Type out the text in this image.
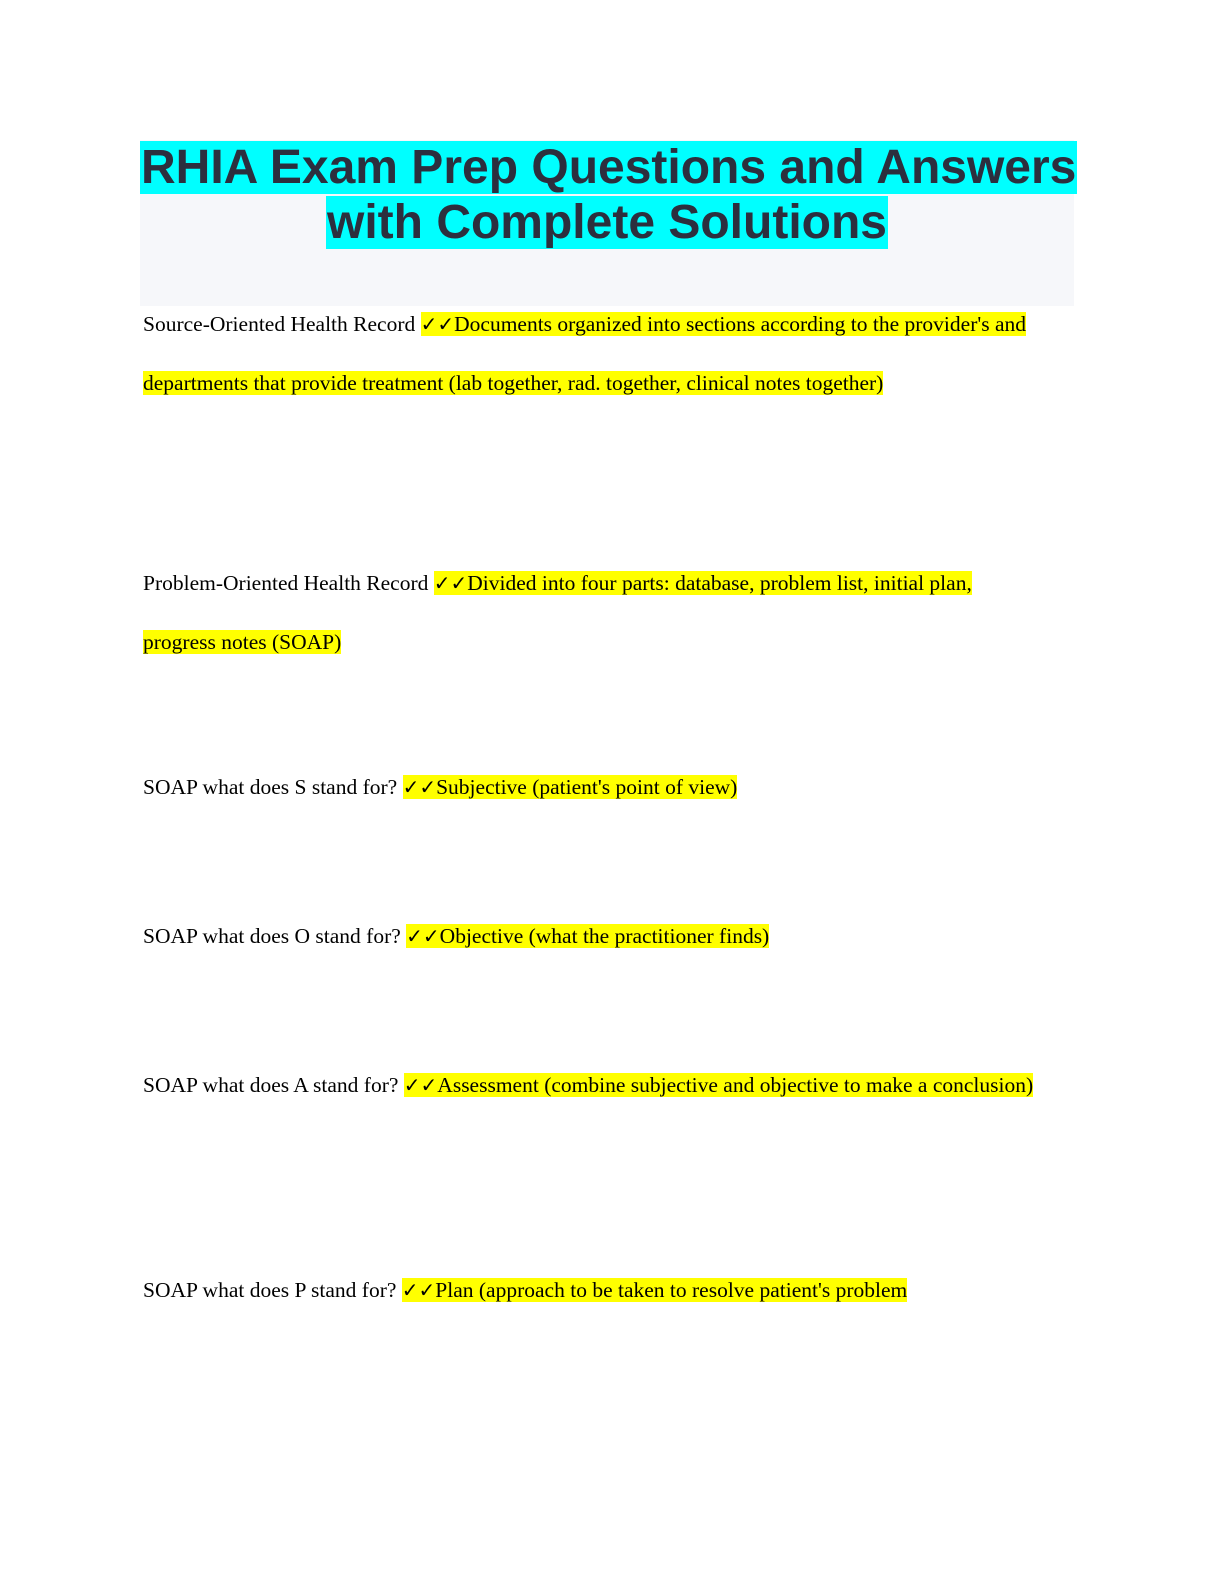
RHIA Exam Prep Questions and Answers
with Complete Solutions
Source-Oriented Health Record ✓✓Documents organized into sections according to the provider's and departments that provide treatment (lab together, rad. together, clinical notes together)
Problem-Oriented Health Record ✓✓Divided into four parts: database, problem list, initial plan, progress notes (SOAP)
SOAP what does S stand for? ✓✓Subjective (patient's point of view)
SOAP what does O stand for? ✓✓Objective (what the practitioner finds)
SOAP what does A stand for? ✓✓Assessment (combine subjective and objective to make a conclusion)
SOAP what does P stand for? ✓✓Plan (approach to be taken to resolve patient's problem
